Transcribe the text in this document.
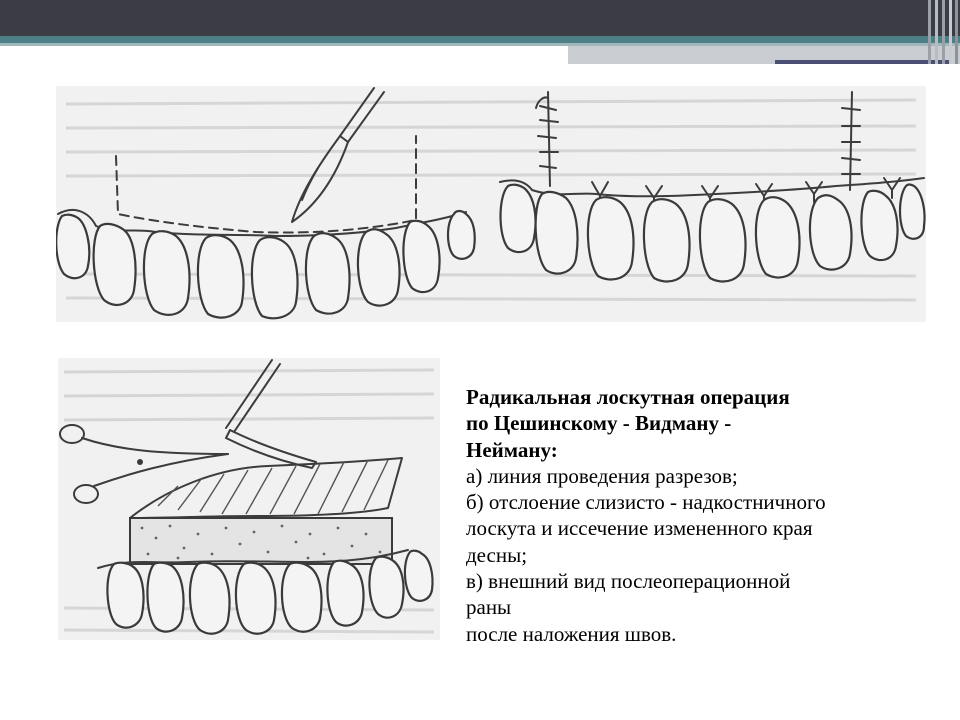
Радикальная лоскутная операция
по Цешинскому - Видману -
Нейману:
а) линия проведения разрезов;
б) отслоение слизисто - надкостничного
лоскута и иссечение измененного края
десны;
в) внешний вид послеоперационной
раны
после наложения швов.
